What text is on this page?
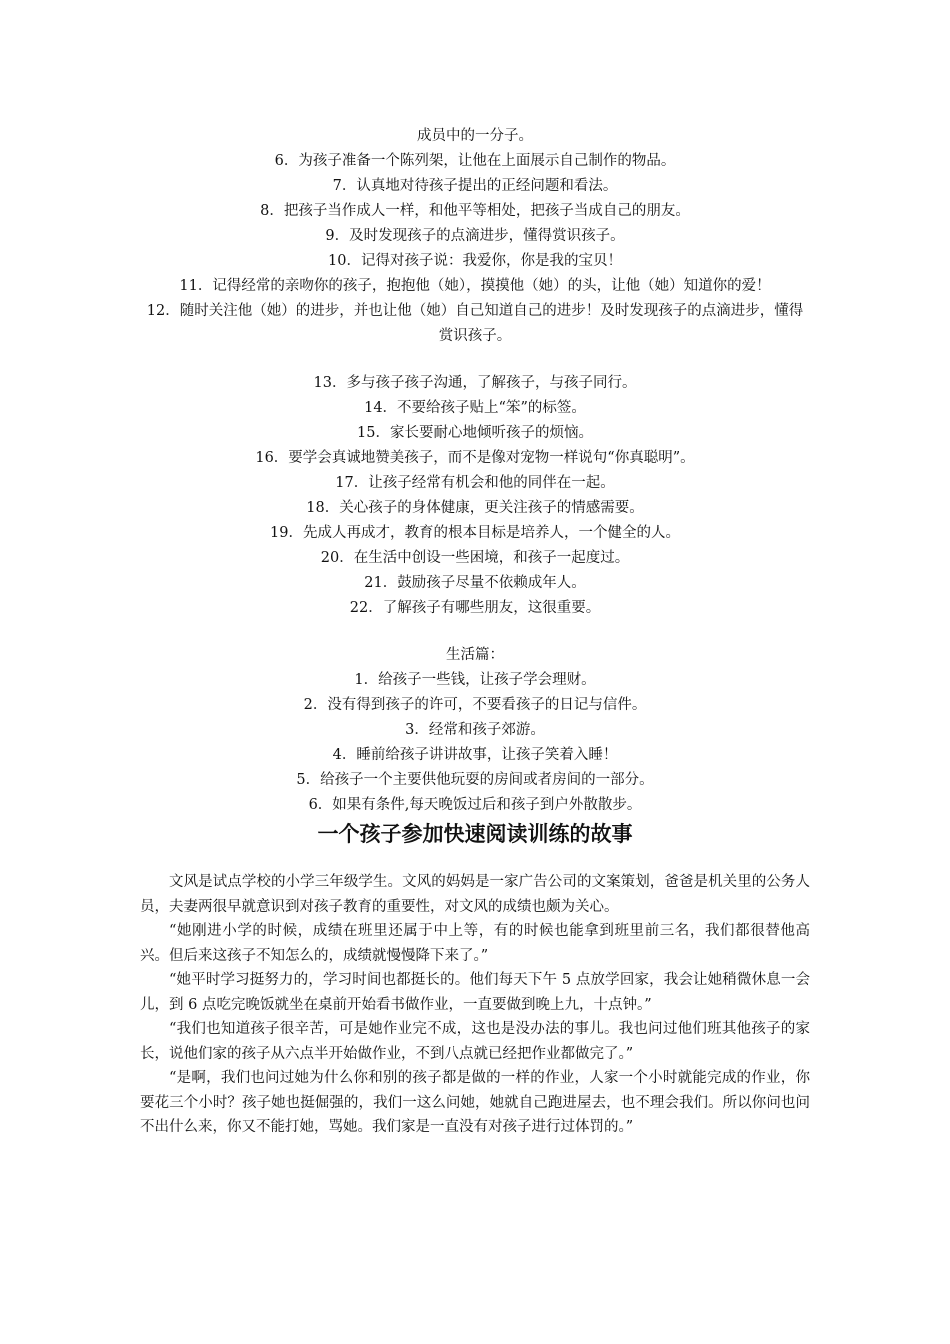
成员中的一分子。
6．为孩子准备一个陈列架，让他在上面展示自己制作的物品。
7．认真地对待孩子提出的正经问题和看法。
8．把孩子当作成人一样，和他平等相处，把孩子当成自己的朋友。
9．及时发现孩子的点滴进步，懂得赏识孩子。
10．记得对孩子说：我爱你，你是我的宝贝！
11．记得经常的亲吻你的孩子，抱抱他（她），摸摸他（她）的头，让他（她）知道你的爱！
12．随时关注他（她）的进步，并也让他（她）自己知道自己的进步！及时发现孩子的点滴进步，懂得赏识孩子。
13．多与孩子孩子沟通，了解孩子，与孩子同行。
14．不要给孩子贴上“笨”的标签。
15．家长要耐心地倾听孩子的烦恼。
16．要学会真诚地赞美孩子，而不是像对宠物一样说句“你真聪明”。
17．让孩子经常有机会和他的同伴在一起。
18．关心孩子的身体健康，更关注孩子的情感需要。
19．先成人再成才，教育的根本目标是培养人，一个健全的人。
20．在生活中创设一些困境，和孩子一起度过。
21．鼓励孩子尽量不依赖成年人。
22．了解孩子有哪些朋友，这很重要。
生活篇：
1．给孩子一些钱，让孩子学会理财。
2．没有得到孩子的许可，不要看孩子的日记与信件。
3．经常和孩子郊游。
4．睡前给孩子讲讲故事，让孩子笑着入睡！
5．给孩子一个主要供他玩耍的房间或者房间的一部分。
6．如果有条件,每天晚饭过后和孩子到户外散散步。
一个孩子参加快速阅读训练的故事

文风是试点学校的小学三年级学生。文风的妈妈是一家广告公司的文案策划，爸爸是机关里的公务人员，夫妻两很早就意识到对孩子教育的重要性，对文风的成绩也颇为关心。

“她刚进小学的时候，成绩在班里还属于中上等，有的时候也能拿到班里前三名，我们都很替他高兴。但后来这孩子不知怎么的，成绩就慢慢降下来了。”

“她平时学习挺努力的，学习时间也都挺长的。他们每天下午 5 点放学回家，我会让她稍微休息一会儿，到 6 点吃完晚饭就坐在桌前开始看书做作业，一直要做到晚上九，十点钟。”

“我们也知道孩子很辛苦，可是她作业完不成，这也是没办法的事儿。我也问过他们班其他孩子的家长，说他们家的孩子从六点半开始做作业，不到八点就已经把作业都做完了。”

“是啊，我们也问过她为什么你和别的孩子都是做的一样的作业，人家一个小时就能完成的作业，你要花三个小时？孩子她也挺倔强的，我们一这么问她，她就自己跑进屋去，也不理会我们。所以你问也问不出什么来，你又不能打她，骂她。我们家是一直没有对孩子进行过体罚的。”
